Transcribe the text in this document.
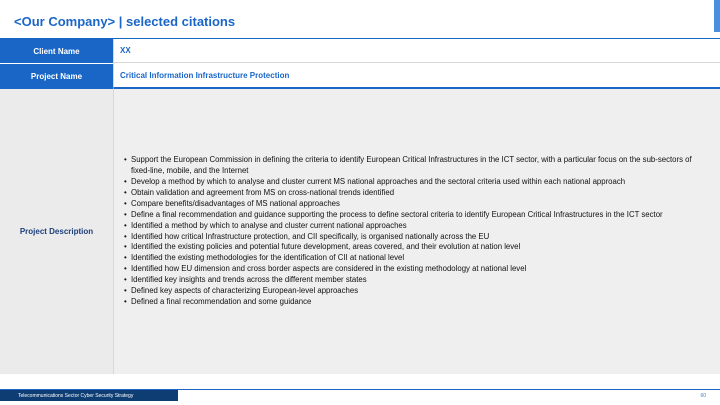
<Our Company> | selected citations
Client Name	XX
Project Name	Critical Information Infrastructure Protection
Project Description
• Support the European Commission in defining the criteria to identify European Critical Infrastructures in the ICT sector, with a particular focus on the sub-sectors of fixed-line, mobile, and the Internet
• Develop a method by which to analyse and cluster current MS national approaches and the sectoral criteria used within each national approach
• Obtain validation and agreement from MS on cross-national trends identified
• Compare benefits/disadvantages of MS national approaches
• Define a final recommendation and guidance supporting the process to define sectoral criteria to identify European Critical Infrastructures in the ICT sector
• Identified a method by which to analyse and cluster current national approaches
• Identified how critical Infrastructure protection, and CII specifically, is organised nationally across the EU
• Identified the existing policies and potential future development, areas covered, and their evolution at nation level
• Identified the existing methodologies for the identification of CII at national level
• Identified how EU dimension and cross border aspects are considered in the existing methodology at national level
• Identified key insights and trends across the different member states
• Defined key aspects of characterizing European-level approaches
• Defined a final recommendation and some guidance
Telecommunications Sector Cyber Security Strategy	60
